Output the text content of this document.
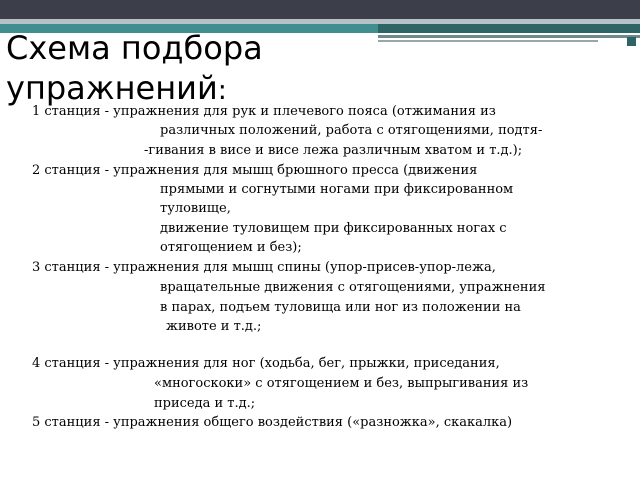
Схема подбора упражнений:
1 станция - упражнения для рук и плечевого пояса (отжимания из
различных положений, работа с отягощениями, подтя-
-гивания в висе и висе лежа различным хватом и т.д.);
2 станция - упражнения для мышц брюшного пресса (движения
прямыми и согнутыми ногами при фиксированном
туловище,
движение туловищем при фиксированных ногах с
отягощением и без);
3 станция - упражнения для мышц спины (упор-присев-упор-лежа,
вращательные движения с отягощениями, упражнения
в парах, подъем туловища или ног из положении на
животе и т.д.;
4 станция - упражнения для ног (ходьба, бег, прыжки, приседания,
«многоскоки» с отягощением и без, выпрыгивания из
приседа и т.д.;
5 станция - упражнения общего воздействия («разножка», скакалка)
